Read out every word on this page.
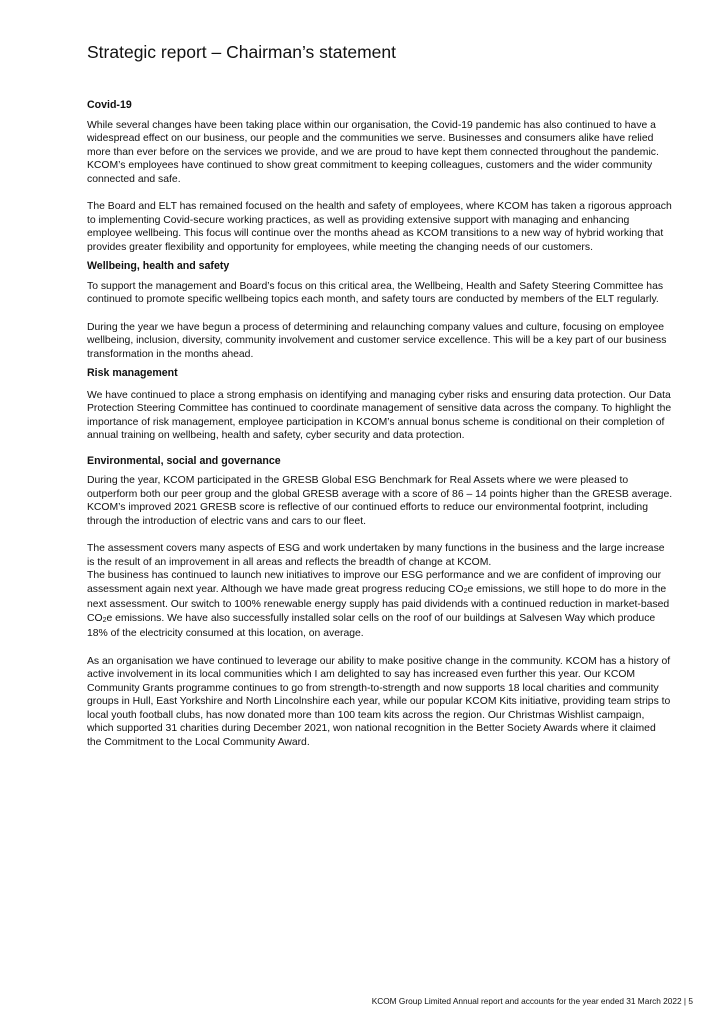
Strategic report – Chairman’s statement
Covid-19
While several changes have been taking place within our organisation, the Covid-19 pandemic has also continued to have a widespread effect on our business, our people and the communities we serve. Businesses and consumers alike have relied more than ever before on the services we provide, and we are proud to have kept them connected throughout the pandemic. KCOM’s employees have continued to show great commitment to keeping colleagues, customers and the wider community connected and safe.
The Board and ELT has remained focused on the health and safety of employees, where KCOM has taken a rigorous approach to implementing Covid-secure working practices, as well as providing extensive support with managing and enhancing employee wellbeing. This focus will continue over the months ahead as KCOM transitions to a new way of hybrid working that provides greater flexibility and opportunity for employees, while meeting the changing needs of our customers.
Wellbeing, health and safety
To support the management and Board’s focus on this critical area, the Wellbeing, Health and Safety Steering Committee has continued to promote specific wellbeing topics each month, and safety tours are conducted by members of the ELT regularly.
During the year we have begun a process of determining and relaunching company values and culture, focusing on employee wellbeing, inclusion, diversity, community involvement and customer service excellence. This will be a key part of our business transformation in the months ahead.
Risk management
We have continued to place a strong emphasis on identifying and managing cyber risks and ensuring data protection. Our Data Protection Steering Committee has continued to coordinate management of sensitive data across the company. To highlight the importance of risk management, employee participation in KCOM’s annual bonus scheme is conditional on their completion of annual training on wellbeing, health and safety, cyber security and data protection.
Environmental, social and governance
During the year, KCOM participated in the GRESB Global ESG Benchmark for Real Assets where we were pleased to outperform both our peer group and the global GRESB average with a score of 86 – 14 points higher than the GRESB average. KCOM’s improved 2021 GRESB score is reflective of our continued efforts to reduce our environmental footprint, including through the introduction of electric vans and cars to our fleet.
The assessment covers many aspects of ESG and work undertaken by many functions in the business and the large increase is the result of an improvement in all areas and reflects the breadth of change at KCOM.
The business has continued to launch new initiatives to improve our ESG performance and we are confident of improving our assessment again next year. Although we have made great progress reducing CO2e emissions, we still hope to do more in the next assessment. Our switch to 100% renewable energy supply has paid dividends with a continued reduction in market-based CO2e emissions. We have also successfully installed solar cells on the roof of our buildings at Salvesen Way which produce 18% of the electricity consumed at this location, on average.
As an organisation we have continued to leverage our ability to make positive change in the community. KCOM has a history of active involvement in its local communities which I am delighted to say has increased even further this year. Our KCOM Community Grants programme continues to go from strength-to-strength and now supports 18 local charities and community groups in Hull, East Yorkshire and North Lincolnshire each year, while our popular KCOM Kits initiative, providing team strips to local youth football clubs, has now donated more than 100 team kits across the region. Our Christmas Wishlist campaign, which supported 31 charities during December 2021, won national recognition in the Better Society Awards where it claimed the Commitment to the Local Community Award.
KCOM Group Limited Annual report and accounts for the year ended 31 March 2022 | 5
